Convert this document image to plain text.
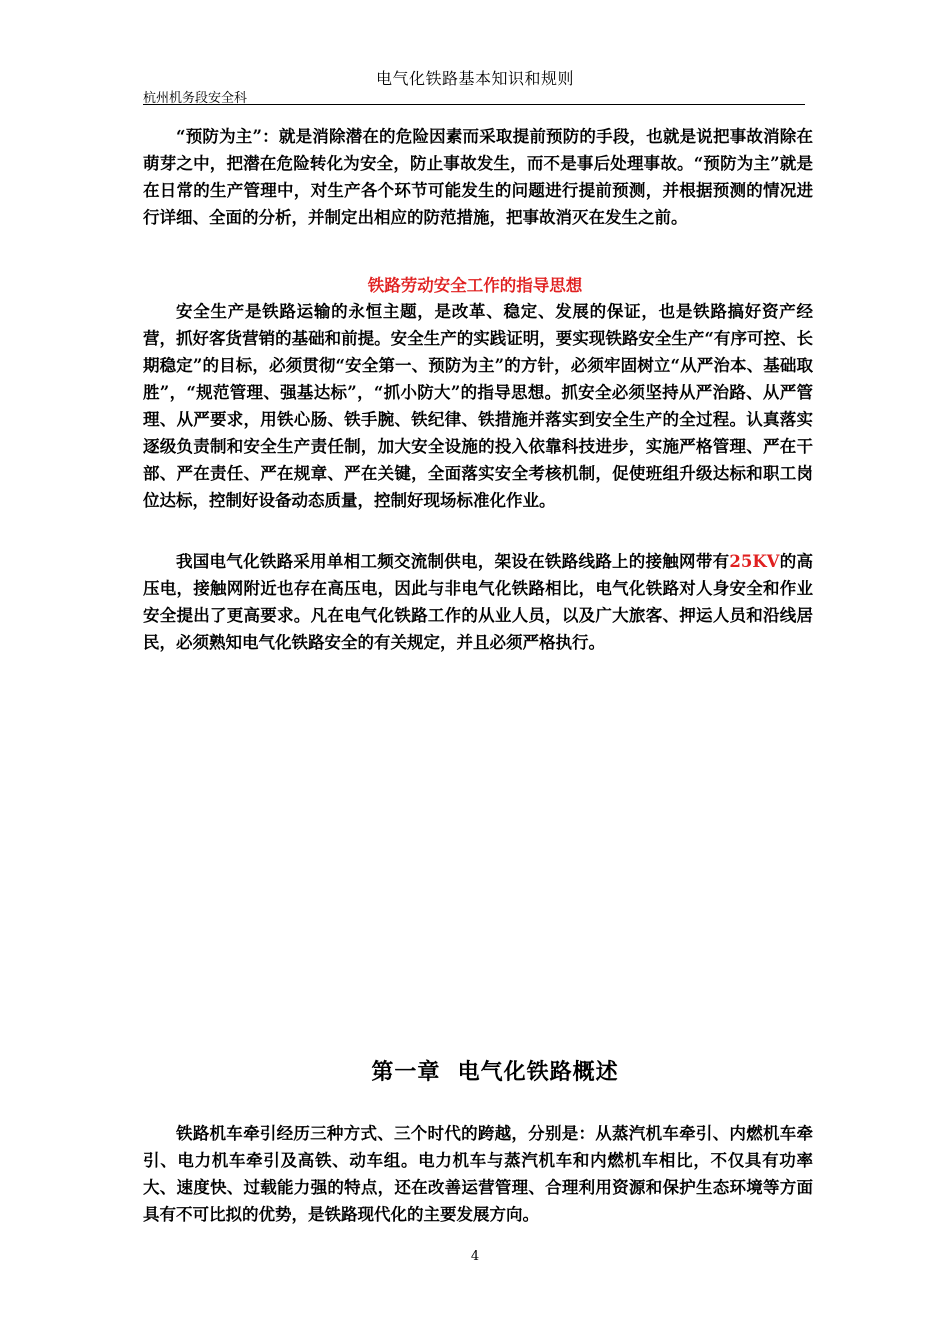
电气化铁路基本知识和规则
杭州机务段安全科

“预防为主”：就是消除潜在的危险因素而采取提前预防的手段，也就是说把事故消除在萌芽之中，把潜在危险转化为安全，防止事故发生，而不是事后处理事故。“预防为主”就是在日常的生产管理中，对生产各个环节可能发生的问题进行提前预测，并根据预测的情况进行详细、全面的分析，并制定出相应的防范措施，把事故消灭在发生之前。

铁路劳动安全工作的指导思想

安全生产是铁路运输的永恒主题，是改革、稳定、发展的保证，也是铁路搞好资产经营，抓好客货营销的基础和前提。安全生产的实践证明，要实现铁路安全生产“有序可控、长期稳定”的目标，必须贯彻“安全第一、预防为主”的方针，必须牢固树立“从严治本、基础取胜”，“规范管理、强基达标”，“抓小防大”的指导思想。抓安全必须坚持从严治路、从严管理、从严要求，用铁心肠、铁手腕、铁纪律、铁措施并落实到安全生产的全过程。认真落实逐级负责制和安全生产责任制，加大安全设施的投入依靠科技进步，实施严格管理、严在干部、严在责任、严在规章、严在关键，全面落实安全考核机制，促使班组升级达标和职工岗位达标，控制好设备动态质量，控制好现场标准化作业。

我国电气化铁路采用单相工频交流制供电，架设在铁路线路上的接触网带有25KV的高压电，接触网附近也存在高压电，因此与非电气化铁路相比，电气化铁路对人身安全和作业安全提出了更高要求。凡在电气化铁路工作的从业人员，以及广大旅客、押运人员和沿线居民，必须熟知电气化铁路安全的有关规定，并且必须严格执行。

第一章  电气化铁路概述

铁路机车牵引经历三种方式、三个时代的跨越，分别是：从蒸汽机车牵引、内燃机车牵引、电力机车牵引及高铁、动车组。电力机车与蒸汽机车和内燃机车相比，不仅具有功率大、速度快、过载能力强的特点，还在改善运营管理、合理利用资源和保护生态环境等方面具有不可比拟的优势，是铁路现代化的主要发展方向。

4
